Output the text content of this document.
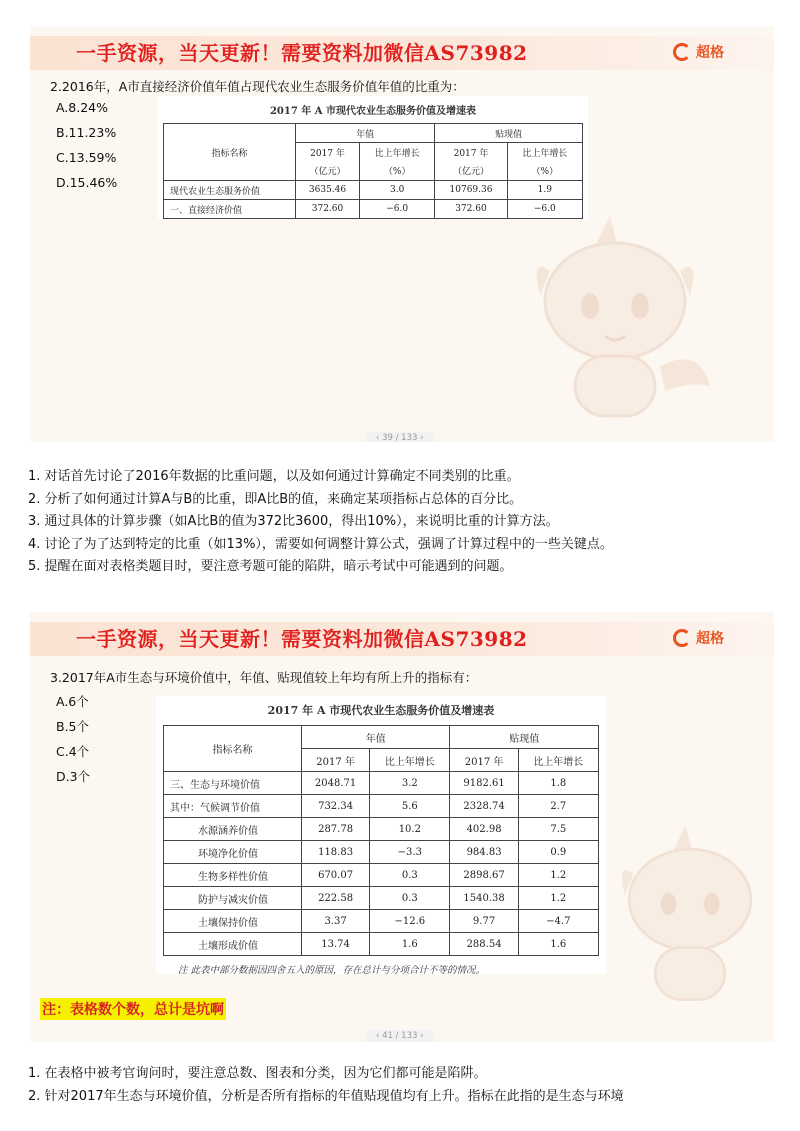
一手资源，当天更新！需要资料加微信AS73982	超格
2.2016年，A市直接经济价值年值占现代农业生态服务价值年值的比重为：
A.8.24%
B.11.23%
C.13.59%
D.15.46%
2017 年 A 市现代农业生态服务价值及增速表
指标名称	年值		贴现值	
	2017 年	比上年增长	2017 年	比上年增长
	（亿元）	（%）	（亿元）	（%）
现代农业生态服务价值	3635.46	3.0	10769.36	1.9
一、直接经济价值	372.60	−6.0	372.60	−6.0
‹ 39 / 133 ›
1. 对话首先讨论了2016年数据的比重问题，以及如何通过计算确定不同类别的比重。
2. 分析了如何通过计算A与B的比重，即A比B的值，来确定某项指标占总体的百分比。
3. 通过具体的计算步骤（如A比B的值为372比3600，得出10%），来说明比重的计算方法。
4. 讨论了为了达到特定的比重（如13%），需要如何调整计算公式，强调了计算过程中的一些关键点。
5. 提醒在面对表格类题目时，要注意考题可能的陷阱，暗示考试中可能遇到的问题。
一手资源，当天更新！需要资料加微信AS73982	超格
3.2017年A市生态与环境价值中，年值、贴现值较上年均有所上升的指标有：
A.6个
B.5个
C.4个
D.3个
2017 年 A 市现代农业生态服务价值及增速表
指标名称	年值		贴现值	
	2017 年	比上年增长	2017 年	比上年增长
三、生态与环境价值	2048.71	3.2	9182.61	1.8
其中：气候调节价值	732.34	5.6	2328.74	2.7
水源涵养价值	287.78	10.2	402.98	7.5
环境净化价值	118.83	−3.3	984.83	0.9
生物多样性价值	670.07	0.3	2898.67	1.2
防护与减灾价值	222.58	0.3	1540.38	1.2
土壤保持价值	3.37	−12.6	9.77	−4.7
土壤形成价值	13.74	1.6	288.54	1.6
注 此表中部分数据因四舍五入的原因，存在总计与分项合计不等的情况。
注：表格数个数，总计是坑啊
‹ 41 / 133 ›
1. 在表格中被考官询问时，要注意总数、图表和分类，因为它们都可能是陷阱。
2. 针对2017年生态与环境价值，分析是否所有指标的年值贴现值均有上升。指标在此指的是生态与环境
